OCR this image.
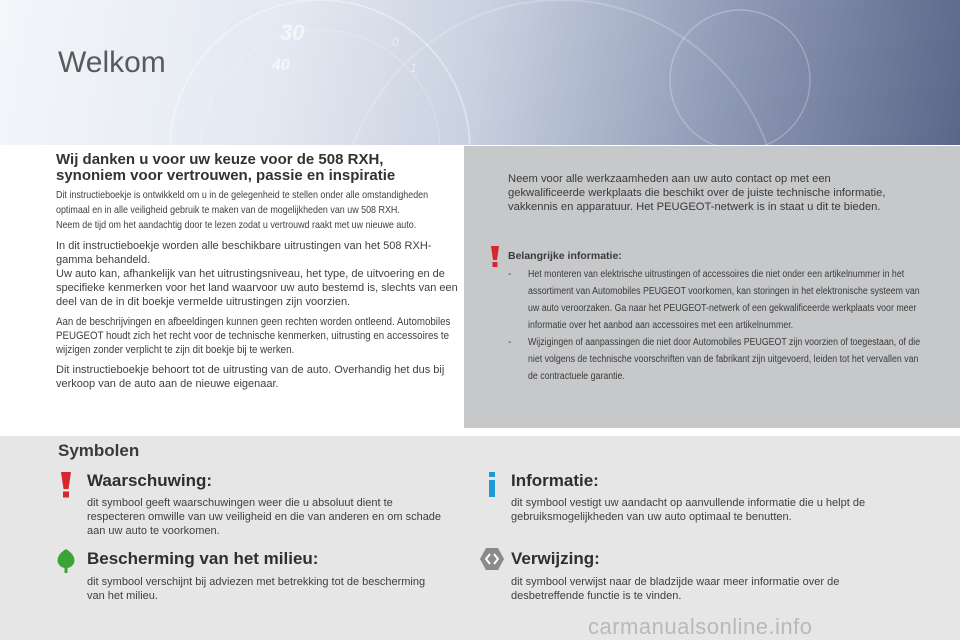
30
40
0
1
Welkom
Wij danken u voor uw keuze voor de 508 RXH,
synoniem voor vertrouwen, passie en inspiratie
Dit instructieboekje is ontwikkeld om u in de gelegenheid te stellen onder alle omstandigheden optimaal en in alle veiligheid gebruik te maken van de mogelijkheden van uw 508 RXH.
Neem de tijd om het aandachtig door te lezen zodat u vertrouwd raakt met uw nieuwe auto.
In dit instructieboekje worden alle beschikbare uitrustingen van het 508 RXH-gamma behandeld.
Uw auto kan, afhankelijk van het uitrustingsniveau, het type, de uitvoering en de specifieke kenmerken voor het land waarvoor uw auto bestemd is, slechts van een deel van de in dit boekje vermelde uitrustingen zijn voorzien.
Aan de beschrijvingen en afbeeldingen kunnen geen rechten worden ontleend. Automobiles PEUGEOT houdt zich het recht voor de technische kenmerken, uitrusting en accessoires te wijzigen zonder verplicht te zijn dit boekje bij te werken.
Dit instructieboekje behoort tot de uitrusting van de auto. Overhandig het dus bij verkoop van de auto aan de nieuwe eigenaar.
Neem voor alle werkzaamheden aan uw auto contact op met een gekwalificeerde werkplaats die beschikt over de juiste technische informatie, vakkennis en apparatuur. Het PEUGEOT-netwerk is in staat u dit te bieden.
Belangrijke informatie:
- Het monteren van elektrische uitrustingen of accessoires die niet onder een artikelnummer in het assortiment van Automobiles PEUGEOT voorkomen, kan storingen in het elektronische systeem van uw auto veroorzaken. Ga naar het PEUGEOT-netwerk of een gekwalificeerde werkplaats voor meer informatie over het aanbod aan accessoires met een artikelnummer.
- Wijzigingen of aanpassingen die niet door Automobiles PEUGEOT zijn voorzien of toegestaan, of die niet volgens de technische voorschriften van de fabrikant zijn uitgevoerd, leiden tot het vervallen van de contractuele garantie.
Symbolen
Waarschuwing:
dit symbool geeft waarschuwingen weer die u absoluut dient te respecteren omwille van uw veiligheid en die van anderen en om schade aan uw auto te voorkomen.
Bescherming van het milieu:
dit symbool verschijnt bij adviezen met betrekking tot de bescherming van het milieu.
Informatie:
dit symbool vestigt uw aandacht op aanvullende informatie die u helpt de gebruiksmogelijkheden van uw auto optimaal te benutten.
Verwijzing:
dit symbool verwijst naar de bladzijde waar meer informatie over de desbetreffende functie is te vinden.
carmanualsonline.info
